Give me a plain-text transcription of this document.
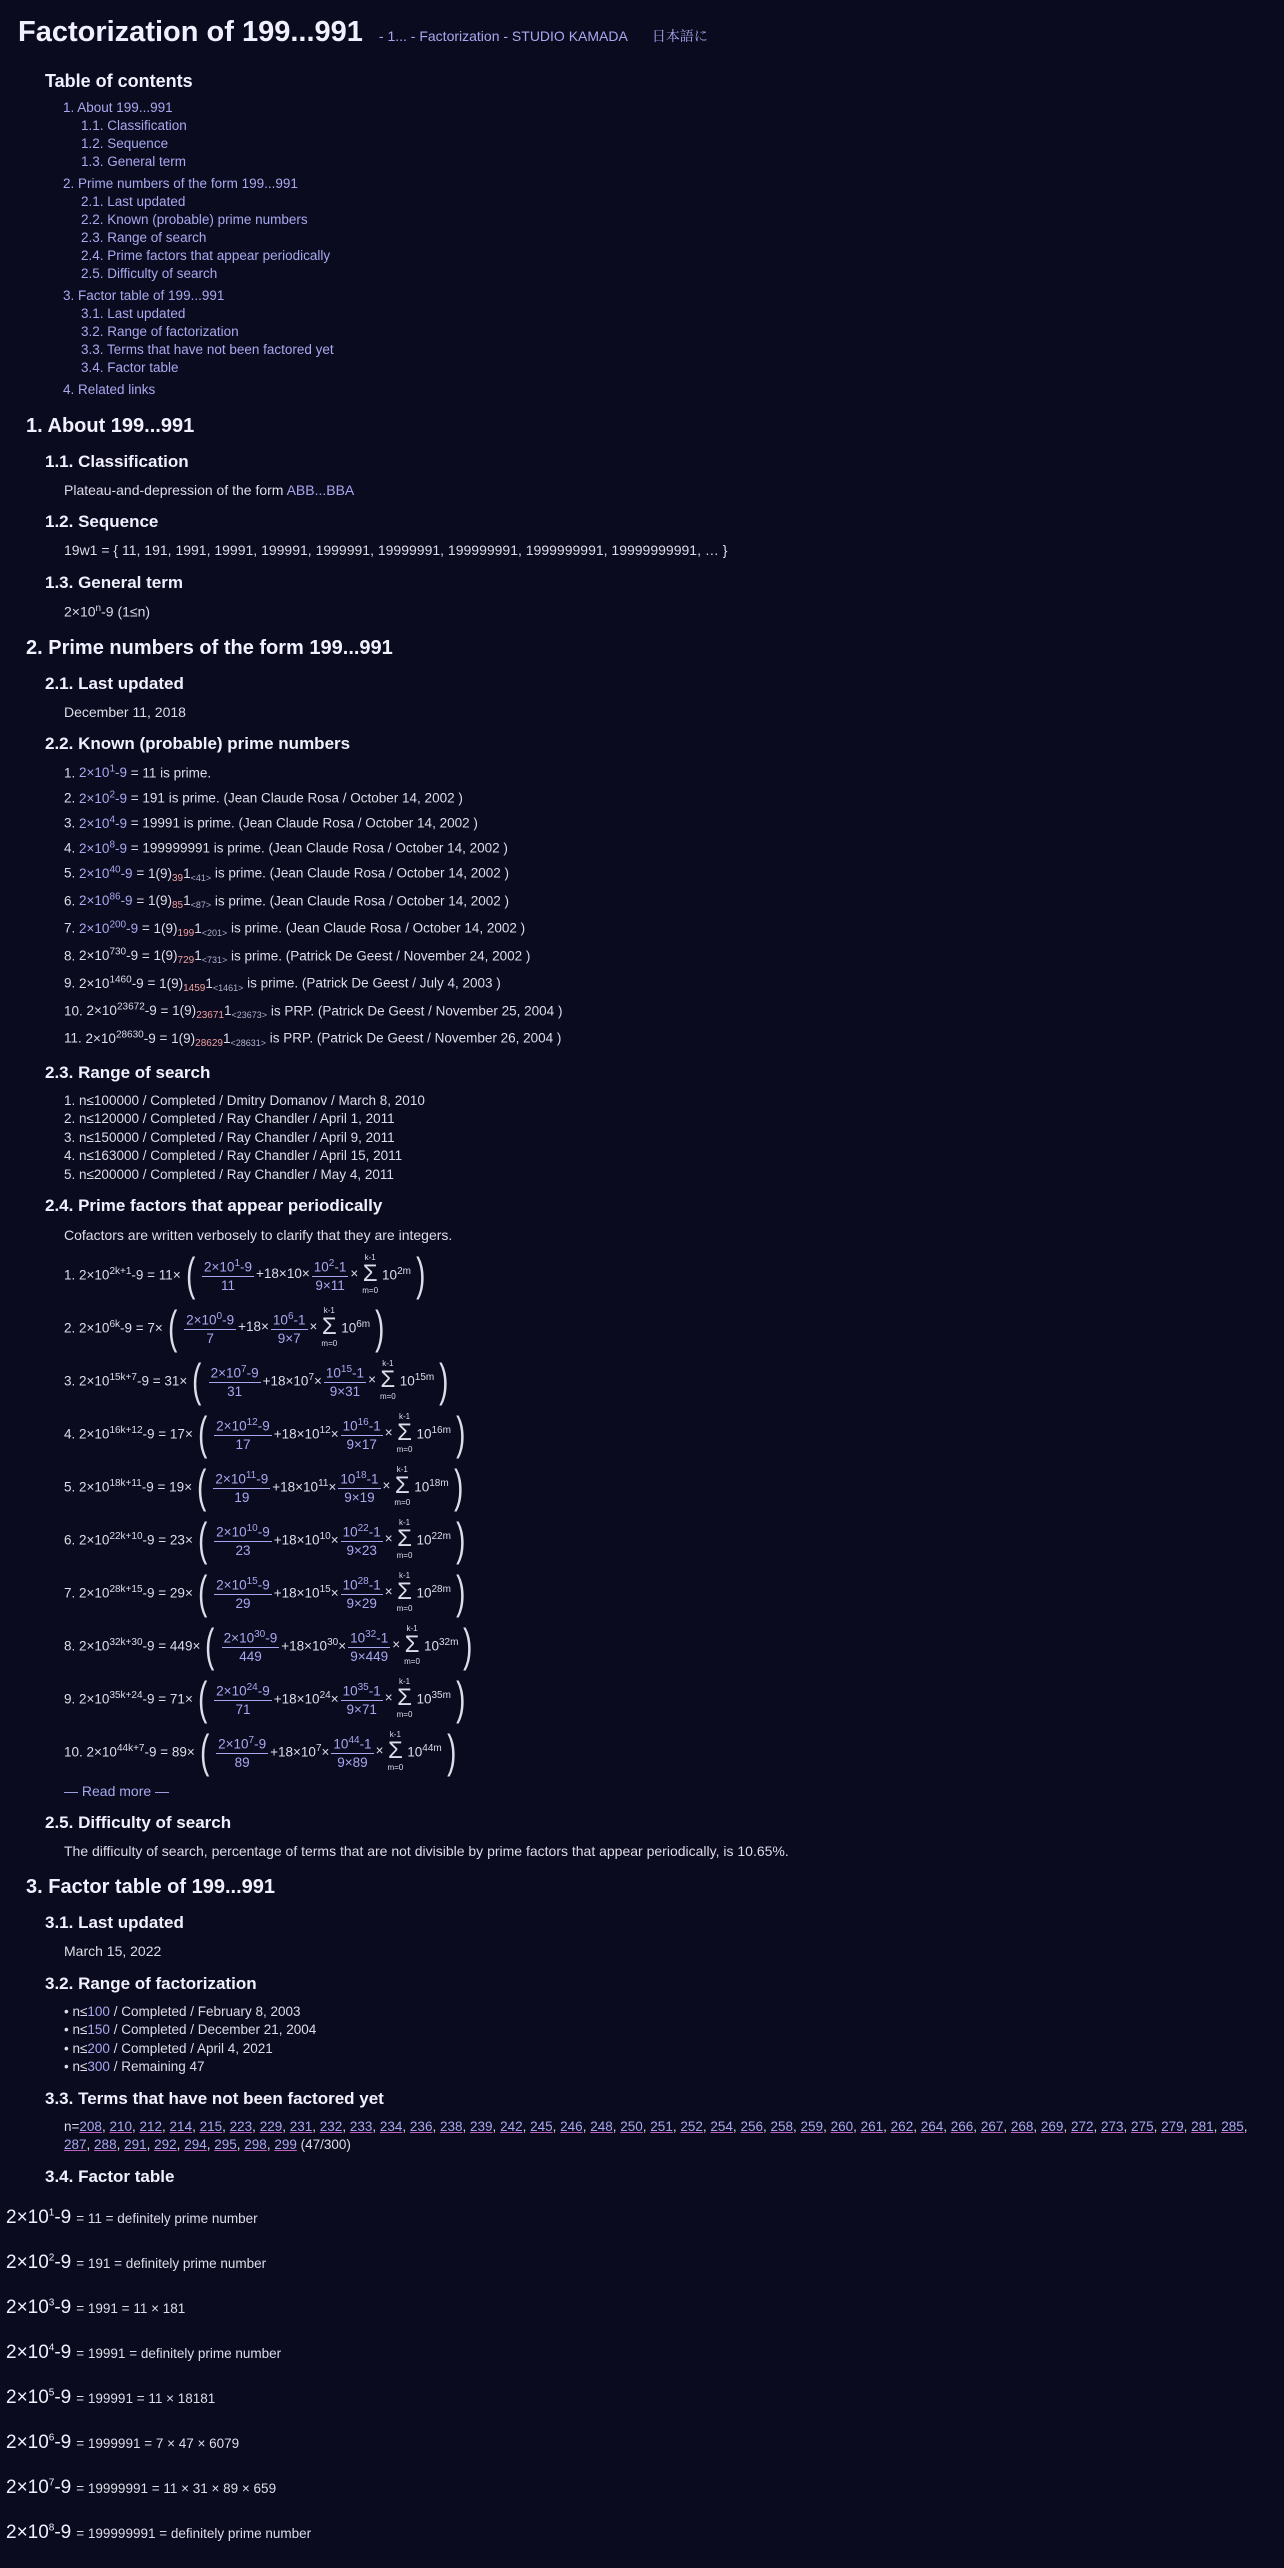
Factorization of 199...991 - 1... - Factorization - STUDIO KAMADA 日本語に
Table of contents
1. About 199...991
1.1. Classification
1.2. Sequence
1.3. General term
2. Prime numbers of the form 199...991
2.1. Last updated
2.2. Known (probable) prime numbers
2.3. Range of search
2.4. Prime factors that appear periodically
2.5. Difficulty of search
3. Factor table of 199...991
3.1. Last updated
3.2. Range of factorization
3.3. Terms that have not been factored yet
3.4. Factor table
4. Related links
1. About 199...991
1.1. Classification
Plateau-and-depression of the form ABB...BBA
1.2. Sequence
19w1 = { 11, 191, 1991, 19991, 199991, 1999991, 19999991, 199999991, 1999999991, 19999999991, … }
1.3. General term
$2\times 10^n-9$ (1≤n)
2. Prime numbers of the form 199...991
2.1. Last updated
December 11, 2018
2.2. Known (probable) prime numbers
1. $2\times 10^1-9 = 11$ is prime.
2. $2\times 10^2-9 = 191$ is prime. (Jean Claude Rosa / October 14, 2002 )
3. $2\times 10^4-9 = 19991$ is prime. (Jean Claude Rosa / October 14, 2002 )
4. $2\times 10^8-9 = 199999991$ is prime. (Jean Claude Rosa / October 14, 2002 )
5. $2\times 10^{40}-9 = 1(9)_{39}1_{<41>}$ is prime. (Jean Claude Rosa / October 14, 2002 )
6. $2\times 10^{86}-9 = 1(9)_{85}1_{<87>}$ is prime. (Jean Claude Rosa / October 14, 2002 )
7. $2\times 10^{200}-9 = 1(9)_{199}1_{<201>}$ is prime. (Jean Claude Rosa / October 14, 2002 )
8. $2\times 10^{730}-9 = 1(9)_{729}1_{<731>}$ is prime. (Patrick De Geest / November 24, 2002 )
9. $2\times 10^{1460}-9 = 1(9)_{1459}1_{<1461>}$ is prime. (Patrick De Geest / July 4, 2003 )
10. $2\times 10^{23672}-9 = 1(9)_{23671}1_{<23673>}$ is PRP. (Patrick De Geest / November 25, 2004 )
11. $2\times 10^{28630}-9 = 1(9)_{28629}1_{<28631>}$ is PRP. (Patrick De Geest / November 26, 2004 )
2.3. Range of search
1. n≤100000 / Completed / Dmitry Domanov / March 8, 2010
2. n≤120000 / Completed / Ray Chandler / April 1, 2011
3. n≤150000 / Completed / Ray Chandler / April 9, 2011
4. n≤163000 / Completed / Ray Chandler / April 15, 2011
5. n≤200000 / Completed / Ray Chandler / May 4, 2011
2.4. Prime factors that appear periodically
Cofactors are written verbosely to clarify that they are integers.
1. $2\times 10^{2k+1}-9 = 11\times$ ( $\frac{2\times 10^1-9}{11} +18\times 10\times \frac{10^2-1}{9\times 11}$ ×
k-1
Σ
m=0
$10^{2m}$ )
2. $2\times 10^{6k}-9 = 7\times$ ( $\frac{2\times 10^0-9}{7} +18\times \frac{10^6-1}{9\times 7}$ ×
k-1
Σ
m=0
$10^{6m}$ )
3. $2\times 10^{15k+7}-9 = 31\times$ ( $\frac{2\times 10^7-9}{31} +18\times 10^7\times \frac{10^{15}-1}{9\times 31}$ ×
k-1
Σ
m=0
$10^{15m}$ )
4. $2\times 10^{16k+12}-9 = 17\times$ ( $\frac{2\times 10^{12}-9}{17} +18\times 10^{12}\times \frac{10^{16}-1}{9\times 17}$ ×
k-1
Σ
m=0
$10^{16m}$ )
5. $2\times 10^{18k+11}-9 = 19\times$ ( $\frac{2\times 10^{11}-9}{19} +18\times 10^{11}\times \frac{10^{18}-1}{9\times 19}$ ×
k-1
Σ
m=0
$10^{18m}$ )
6. $2\times 10^{22k+10}-9 = 23\times$ ( $\frac{2\times 10^{10}-9}{23} +18\times 10^{10}\times \frac{10^{22}-1}{9\times 23}$ ×
k-1
Σ
m=0
$10^{22m}$ )
7. $2\times 10^{28k+15}-9 = 29\times$ ( $\frac{2\times 10^{15}-9}{29} +18\times 10^{15}\times \frac{10^{28}-1}{9\times 29}$ ×
k-1
Σ
m=0
$10^{28m}$ )
8. $2\times 10^{32k+30}-9 = 449\times$ ( $\frac{2\times 10^{30}-9}{449} +18\times 10^{30}\times \frac{10^{32}-1}{9\times 449}$ ×
k-1
Σ
m=0
$10^{32m}$ )
9. $2\times 10^{35k+24}-9 = 71\times$ ( $\frac{2\times 10^{24}-9}{71} +18\times 10^{24}\times \frac{10^{35}-1}{9\times 71}$ ×
k-1
Σ
m=0
$10^{35m}$ )
10. $2\times 10^{44k+7}-9 = 89\times$ ( $\frac{2\times 10^7-9}{89} +18\times 10^7\times \frac{10^{44}-1}{9\times 89}$ ×
k-1
Σ
m=0
$10^{44m}$ )
— Read more —
2.5. Difficulty of search
The difficulty of search, percentage of terms that are not divisible by prime factors that appear periodically, is 10.65%.
3. Factor table of 199...991
3.1. Last updated
March 15, 2022
3.2. Range of factorization
• n≤100 / Completed / February 8, 2003
• n≤150 / Completed / December 21, 2004
• n≤200 / Completed / April 4, 2021
• n≤300 / Remaining 47
3.3. Terms that have not been factored yet
n=208, 210, 212, 214, 215, 223, 229, 231, 232, 233, 234, 236, 238, 239, 242, 245, 246, 248, 250, 251, 252, 254, 256, 258, 259, 260, 261, 262, 264, 266, 267, 268, 269, 272, 273, 275, 279, 281, 285, 287, 288, 291, 292, 294, 295, 298, 299 (47/300)
3.4. Factor table
$2\times 10^1-9 = 11$ = definitely prime number
$2\times 10^2-9 = 191$ = definitely prime number
$2\times 10^3-9 = 1991 = 11 \times 181$
$2\times 10^4-9 = 19991$ = definitely prime number
$2\times 10^5-9 = 199991 = 11 \times 18181$
$2\times 10^6-9 = 1999991 = 7 \times 47 \times 6079$
$2\times 10^7-9 = 19999991 = 11 \times 31 \times 89 \times 659$
$2\times 10^8-9 = 199999991$ = definitely prime number
